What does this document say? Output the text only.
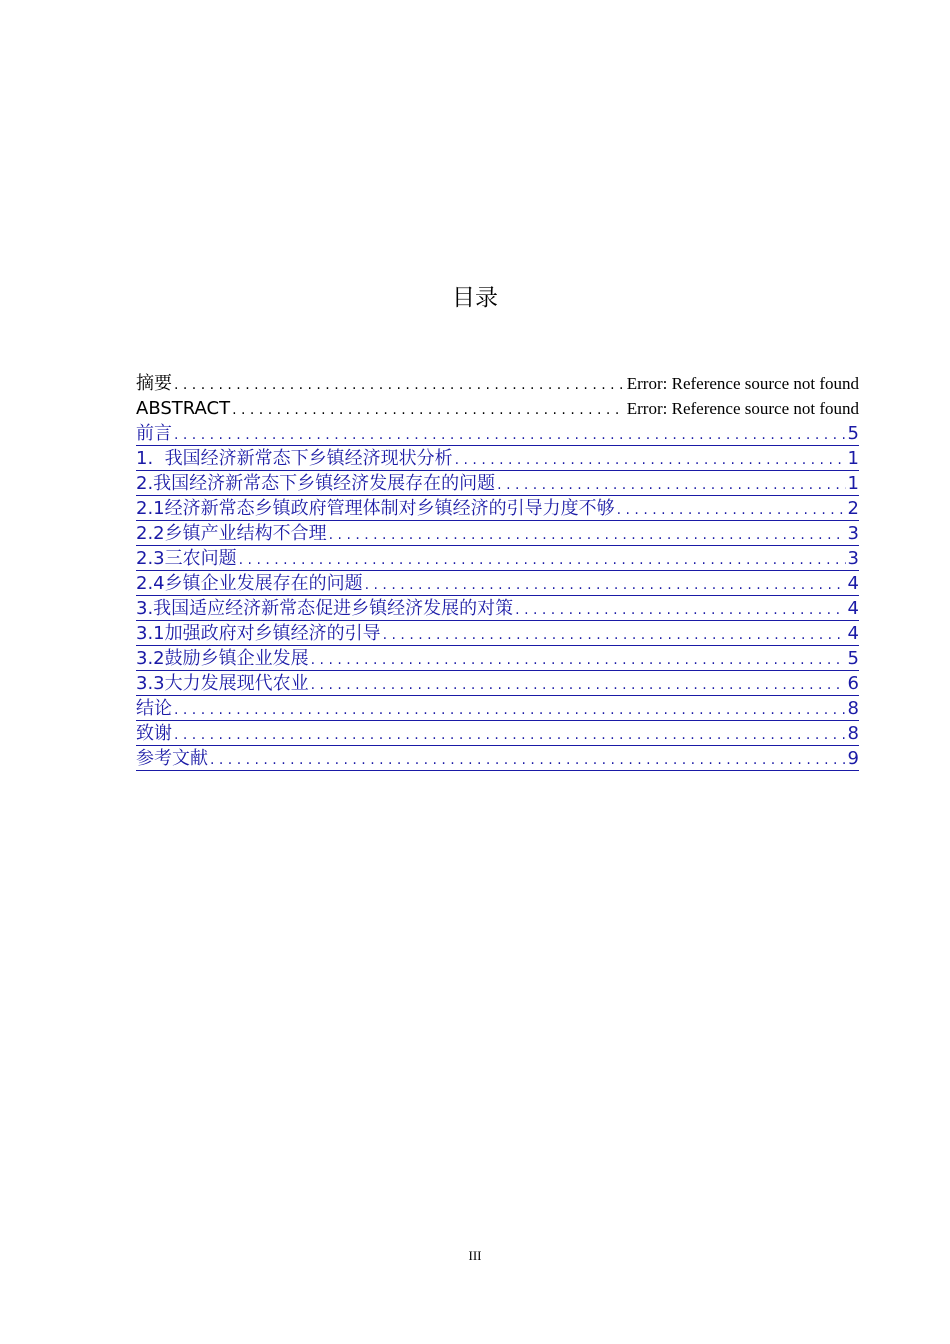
目录
摘要 . . .	Error: Reference source not found
ABSTRACT . . .	Error: Reference source not found
前言 . . .	5
1.  我国经济新常态下乡镇经济现状分析 . . .	1
2.我国经济新常态下乡镇经济发展存在的问题 . . .	1
2.1经济新常态乡镇政府管理体制对乡镇经济的引导力度不够 . . .	2
2.2乡镇产业结构不合理 . . .	3
2.3三农问题 . . .	3
2.4乡镇企业发展存在的问题 . . .	4
3.我国适应经济新常态促进乡镇经济发展的对策 . . .	4
3.1加强政府对乡镇经济的引导 . . .	4
3.2鼓励乡镇企业发展 . . .	5
3.3大力发展现代农业 . . .	6
结论 . . .	8
致谢 . . .	8
参考文献 . . .	9
III
